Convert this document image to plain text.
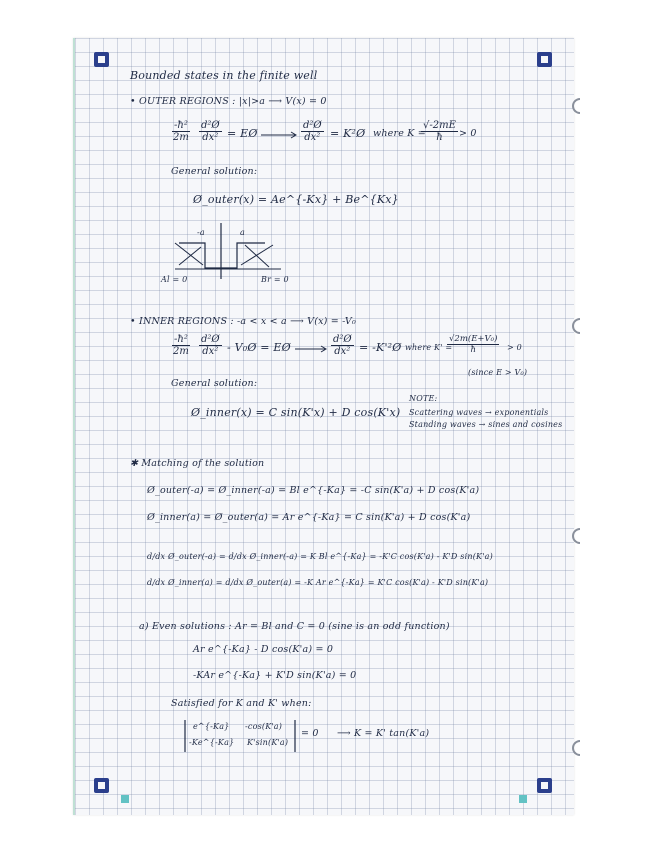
Bounded states in the finite well
• OUTER REGIONS : |x|>a ⟶ V(x) = 0
$\frac{\text{-ħ²}}{2m} \frac{\text{d²Ø}}{\text{dx²}}$ = EØ	$\frac{\text{d²Ø}}{\text{dx²}}$ = K²Ø where K =
$\frac{√-2mE}{ħ} > 0$
General solution:
Ø_outer(x) = Ae^{-Kx} + Be^{Kx}
-a	a
Al = 0	Br = 0
• INNER REGIONS : -a < x < a ⟶ V(x) = -V₀
$\frac{\text{-ħ²}}{2m} \frac{\text{d²Ø}}{\text{dx²}}$ - V₀Ø = EØ	$\frac{\text{d²Ø}}{\text{dx²}}$ = -K'²Ø where K' =
$\frac{\text{√2m(E+V₀)}}{ħ} > 0$
(since E > V₀)
General solution:
Ø_inner(x) = C sin(K'x) + D cos(K'x)
NOTE:
Scattering waves → exponentials
Standing waves → sines and cosines
✱ Matching of the solution
Ø_outer(-a) = Ø_inner(-a) = Bl e^{-Ka} = -C sin(K'a) + D cos(K'a)
Ø_inner(a) = Ø_outer(a) = Ar e^{-Ka} = C sin(K'a) + D cos(K'a)
d/dx Ø_outer(-a) = d/dx Ø_inner(-a) = K Bl e^{-Ka} = -K'C cos(K'a) - K'D sin(K'a)
d/dx Ø_inner(a) = d/dx Ø_outer(a) = -K Ar e^{-Ka} = K'C cos(K'a) - K'D sin(K'a)
a) Even solutions : Ar = Bl and C = 0 (sine is an odd function)
Ar e^{-Ka} - D cos(K'a) = 0
-KAr e^{-Ka} + K'D sin(K'a) = 0
Satisfied for K and K' when:
e^{-Ka} -cos(K'a)
-Ke^{-Ka} K'sin(K'a)
= 0 ⟶ K = K' tan(K'a)
